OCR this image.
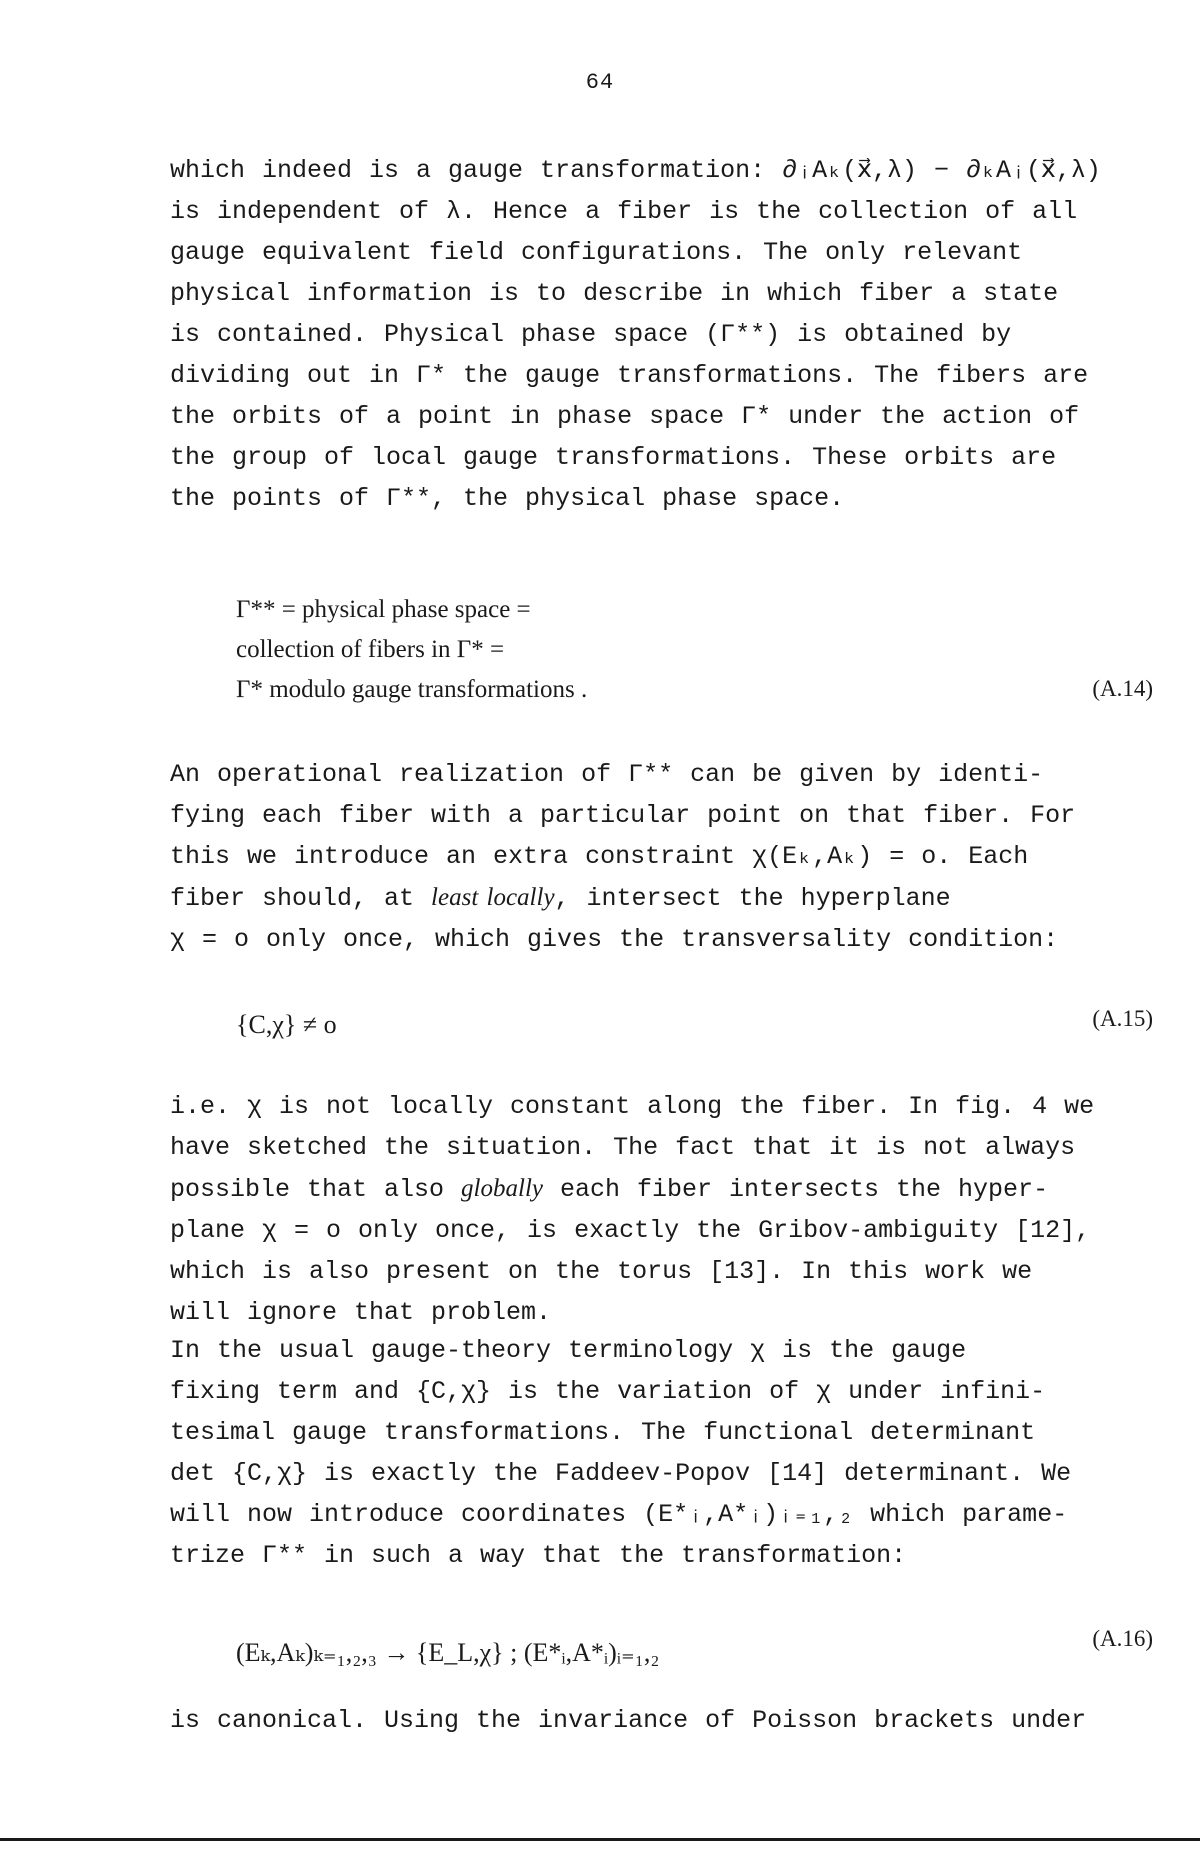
64

which indeed is a gauge transformation: ∂ᵢAₖ(x⃗,λ) − ∂ₖAᵢ(x⃗,λ)
is independent of λ. Hence a fiber is the collection of all
gauge equivalent field configurations. The only relevant
physical information is to describe in which fiber a state
is contained. Physical phase space (Γ**) is obtained by
dividing out in Γ* the gauge transformations. The fibers are
the orbits of a point in phase space Γ* under the action of
the group of local gauge transformations. These orbits are
the points of Γ**, the physical phase space.

Γ** = physical phase space =
collection of fibers in Γ* =
Γ* modulo gauge transformations .	(A.14)

An operational realization of Γ** can be given by identi-
fying each fiber with a particular point on that fiber. For
this we introduce an extra constraint χ(Eₖ,Aₖ) = o. Each
fiber should, at least locally, intersect the hyperplane
χ = o only once, which gives the transversality condition:

{C,χ} ≠ o	(A.15)

i.e. χ is not locally constant along the fiber. In fig. 4 we
have sketched the situation. The fact that it is not always
possible that also globally each fiber intersects the hyper-
plane χ = o only once, is exactly the Gribov-ambiguity [12],
which is also present on the torus [13]. In this work we
will ignore that problem.

In the usual gauge-theory terminology χ is the gauge
fixing term and {C,χ} is the variation of χ under infini-
tesimal gauge transformations. The functional determinant
det {C,χ} is exactly the Faddeev-Popov [14] determinant. We
will now introduce coordinates (E*ᵢ,A*ᵢ)ᵢ₌₁,₂ which parame-
trize Γ** in such a way that the transformation:

(Eₖ,Aₖ)ₖ₌₁,₂,₃ → {E_L,χ} ; (E*ᵢ,A*ᵢ)ᵢ₌₁,₂	(A.16)

is canonical. Using the invariance of Poisson brackets under
